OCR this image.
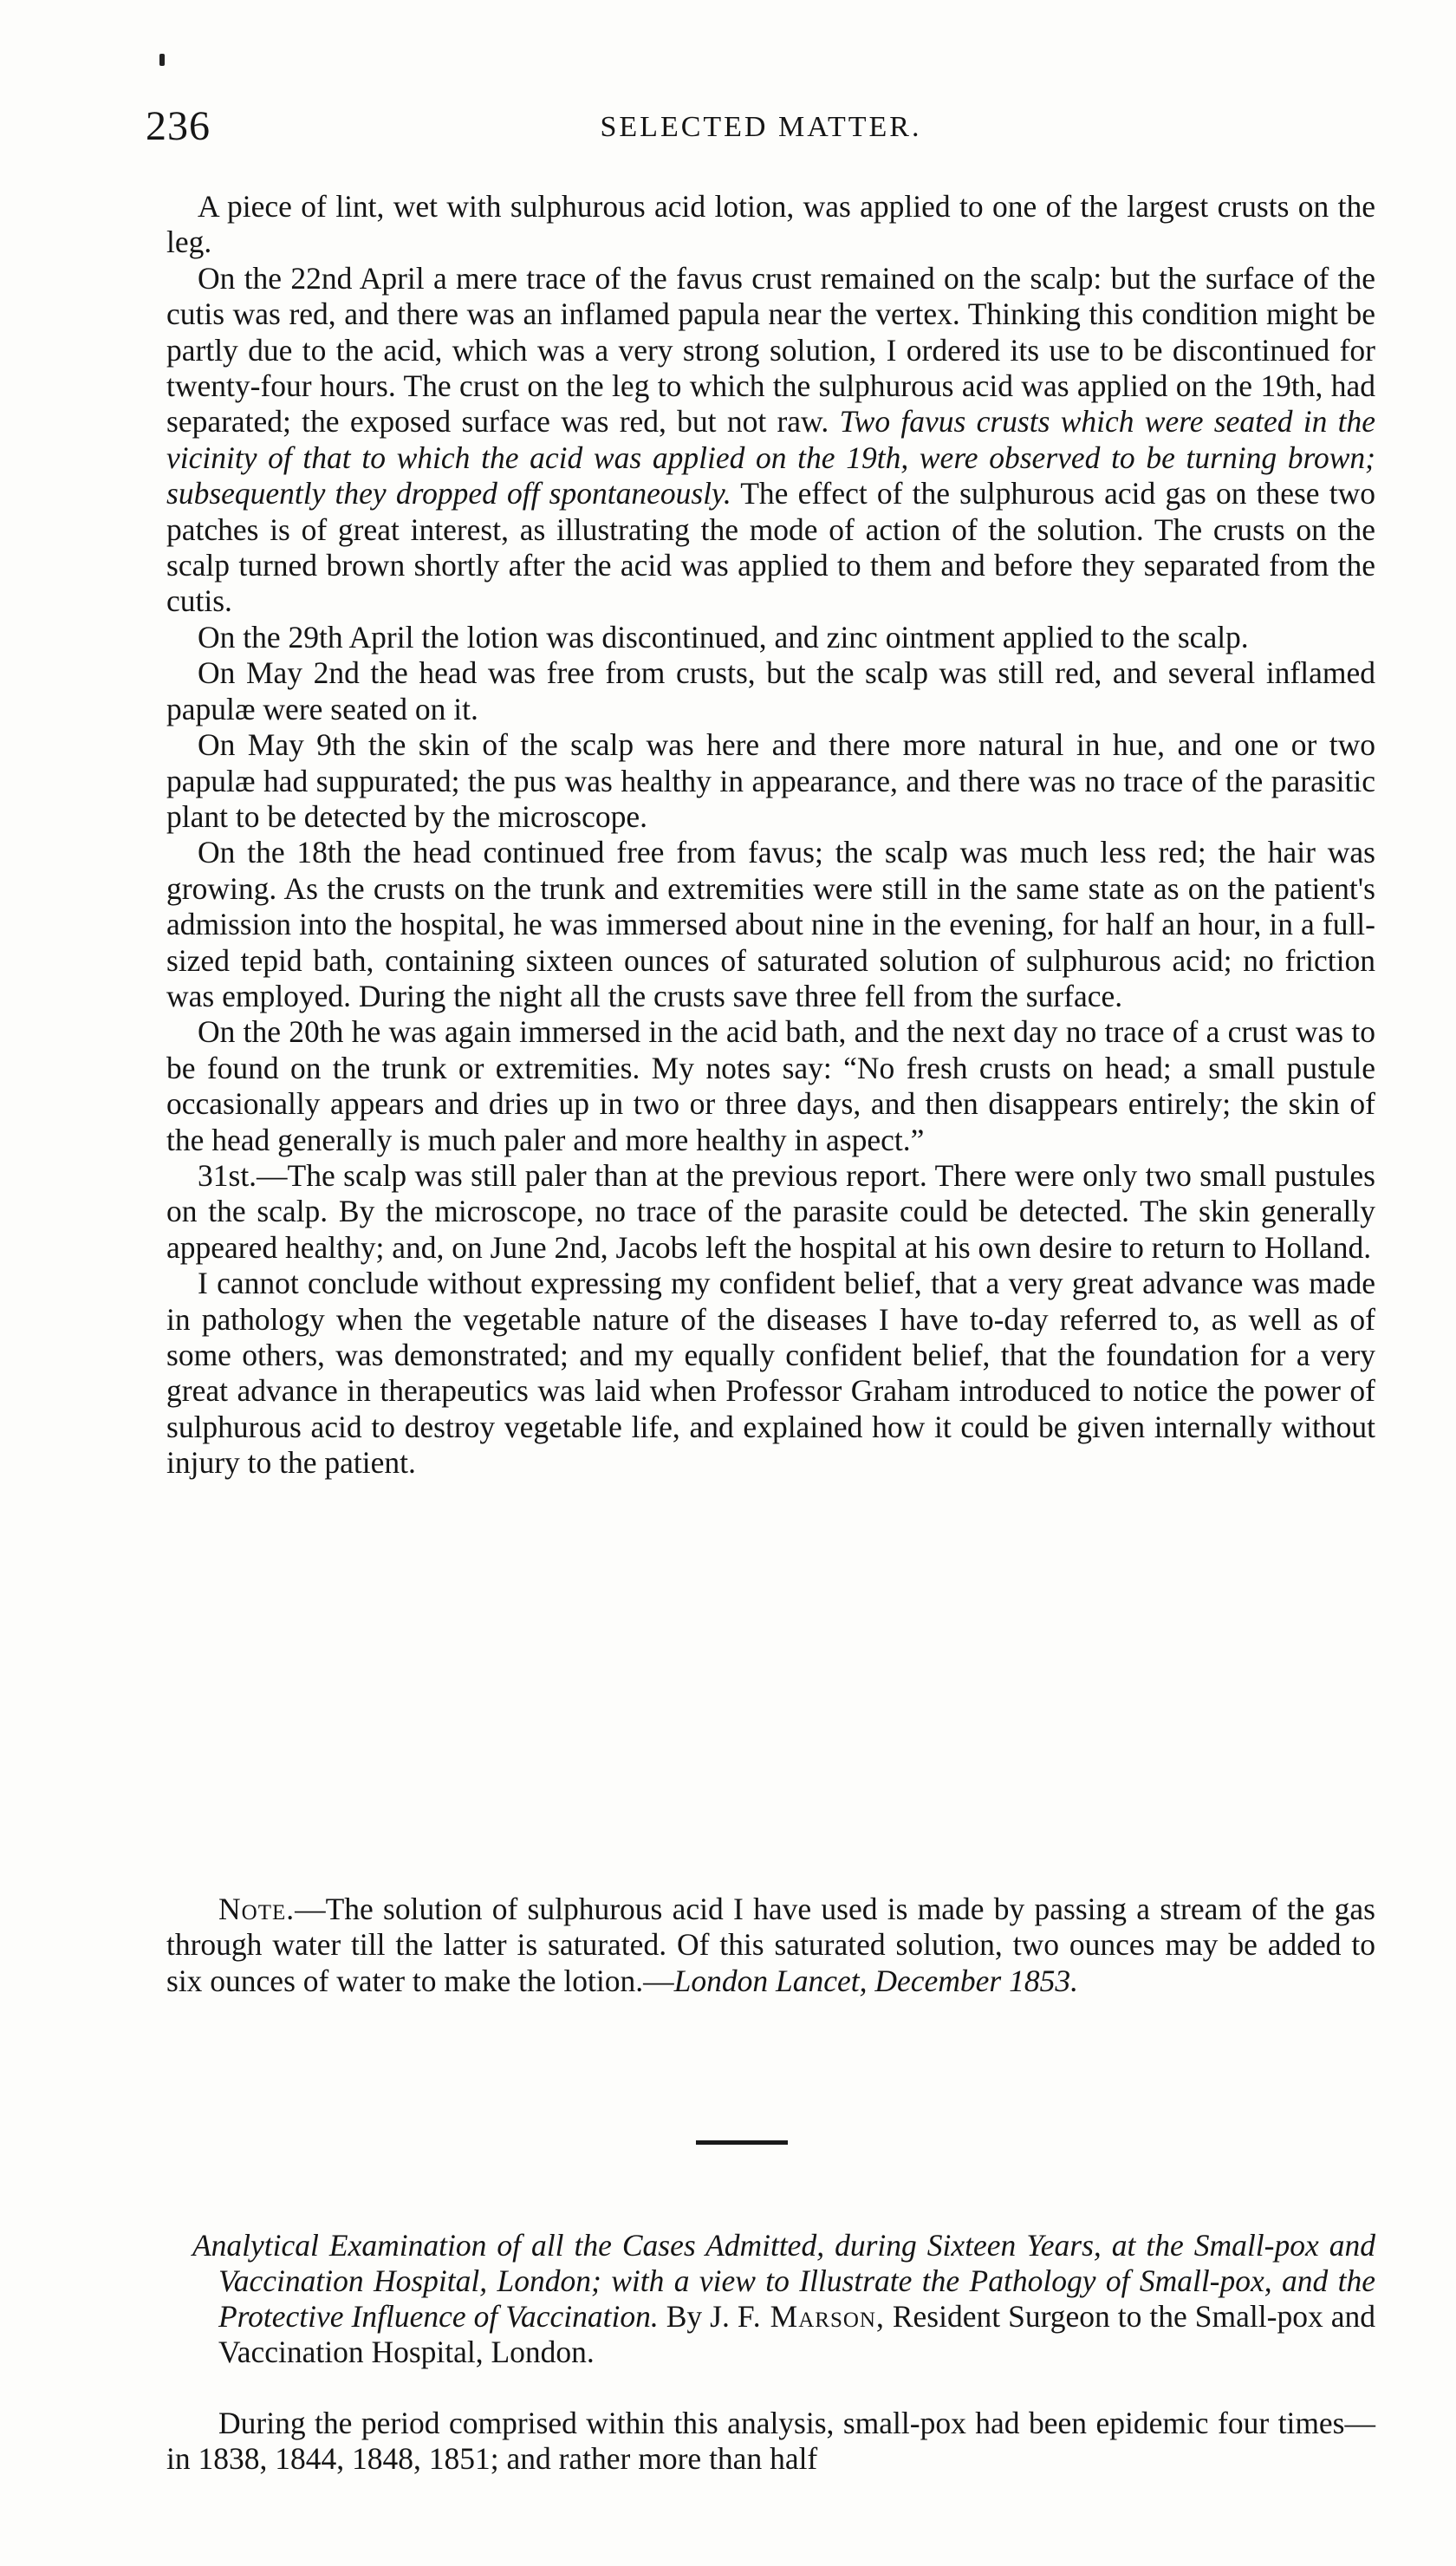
236	SELECTED MATTER.

A piece of lint, wet with sulphurous acid lotion, was applied to one of the largest crusts on the leg.

On the 22nd April a mere trace of the favus crust remained on the scalp: but the surface of the cutis was red, and there was an inflamed papula near the vertex. Thinking this condition might be partly due to the acid, which was a very strong solution, I ordered its use to be discontinued for twenty-four hours. The crust on the leg to which the sulphurous acid was applied on the 19th, had separated; the exposed surface was red, but not raw. Two favus crusts which were seated in the vicinity of that to which the acid was applied on the 19th, were observed to be turning brown; subsequently they dropped off spontaneously. The effect of the sulphurous acid gas on these two patches is of great interest, as illustrating the mode of action of the solution. The crusts on the scalp turned brown shortly after the acid was applied to them and before they separated from the cutis.

On the 29th April the lotion was discontinued, and zinc ointment applied to the scalp.

On May 2nd the head was free from crusts, but the scalp was still red, and several inflamed papulæ were seated on it.

On May 9th the skin of the scalp was here and there more natural in hue, and one or two papulæ had suppurated; the pus was healthy in appearance, and there was no trace of the parasitic plant to be detected by the microscope.

On the 18th the head continued free from favus; the scalp was much less red; the hair was growing. As the crusts on the trunk and extremities were still in the same state as on the patient's admission into the hospital, he was immersed about nine in the evening, for half an hour, in a full-sized tepid bath, containing sixteen ounces of saturated solution of sulphurous acid; no friction was employed. During the night all the crusts save three fell from the surface.

On the 20th he was again immersed in the acid bath, and the next day no trace of a crust was to be found on the trunk or extremities. My notes say: “No fresh crusts on head; a small pustule occasionally appears and dries up in two or three days, and then disappears entirely; the skin of the head generally is much paler and more healthy in aspect.”

31st.—The scalp was still paler than at the previous report. There were only two small pustules on the scalp. By the microscope, no trace of the parasite could be detected. The skin generally appeared healthy; and, on June 2nd, Jacobs left the hospital at his own desire to return to Holland.

I cannot conclude without expressing my confident belief, that a very great advance was made in pathology when the vegetable nature of the diseases I have to-day referred to, as well as of some others, was demonstrated; and my equally confident belief, that the foundation for a very great advance in therapeutics was laid when Professor Graham introduced to notice the power of sulphurous acid to destroy vegetable life, and explained how it could be given internally without injury to the patient.

Note.—The solution of sulphurous acid I have used is made by passing a stream of the gas through water till the latter is saturated. Of this saturated solution, two ounces may be added to six ounces of water to make the lotion.—London Lancet, December 1853.

Analytical Examination of all the Cases Admitted, during Sixteen Years, at the Small-pox and Vaccination Hospital, London; with a view to Illustrate the Pathology of Small-pox, and the Protective Influence of Vaccination. By J. F. Marson, Resident Surgeon to the Small-pox and Vaccination Hospital, London.

During the period comprised within this analysis, small-pox had been epidemic four times—in 1838, 1844, 1848, 1851; and rather more than half
